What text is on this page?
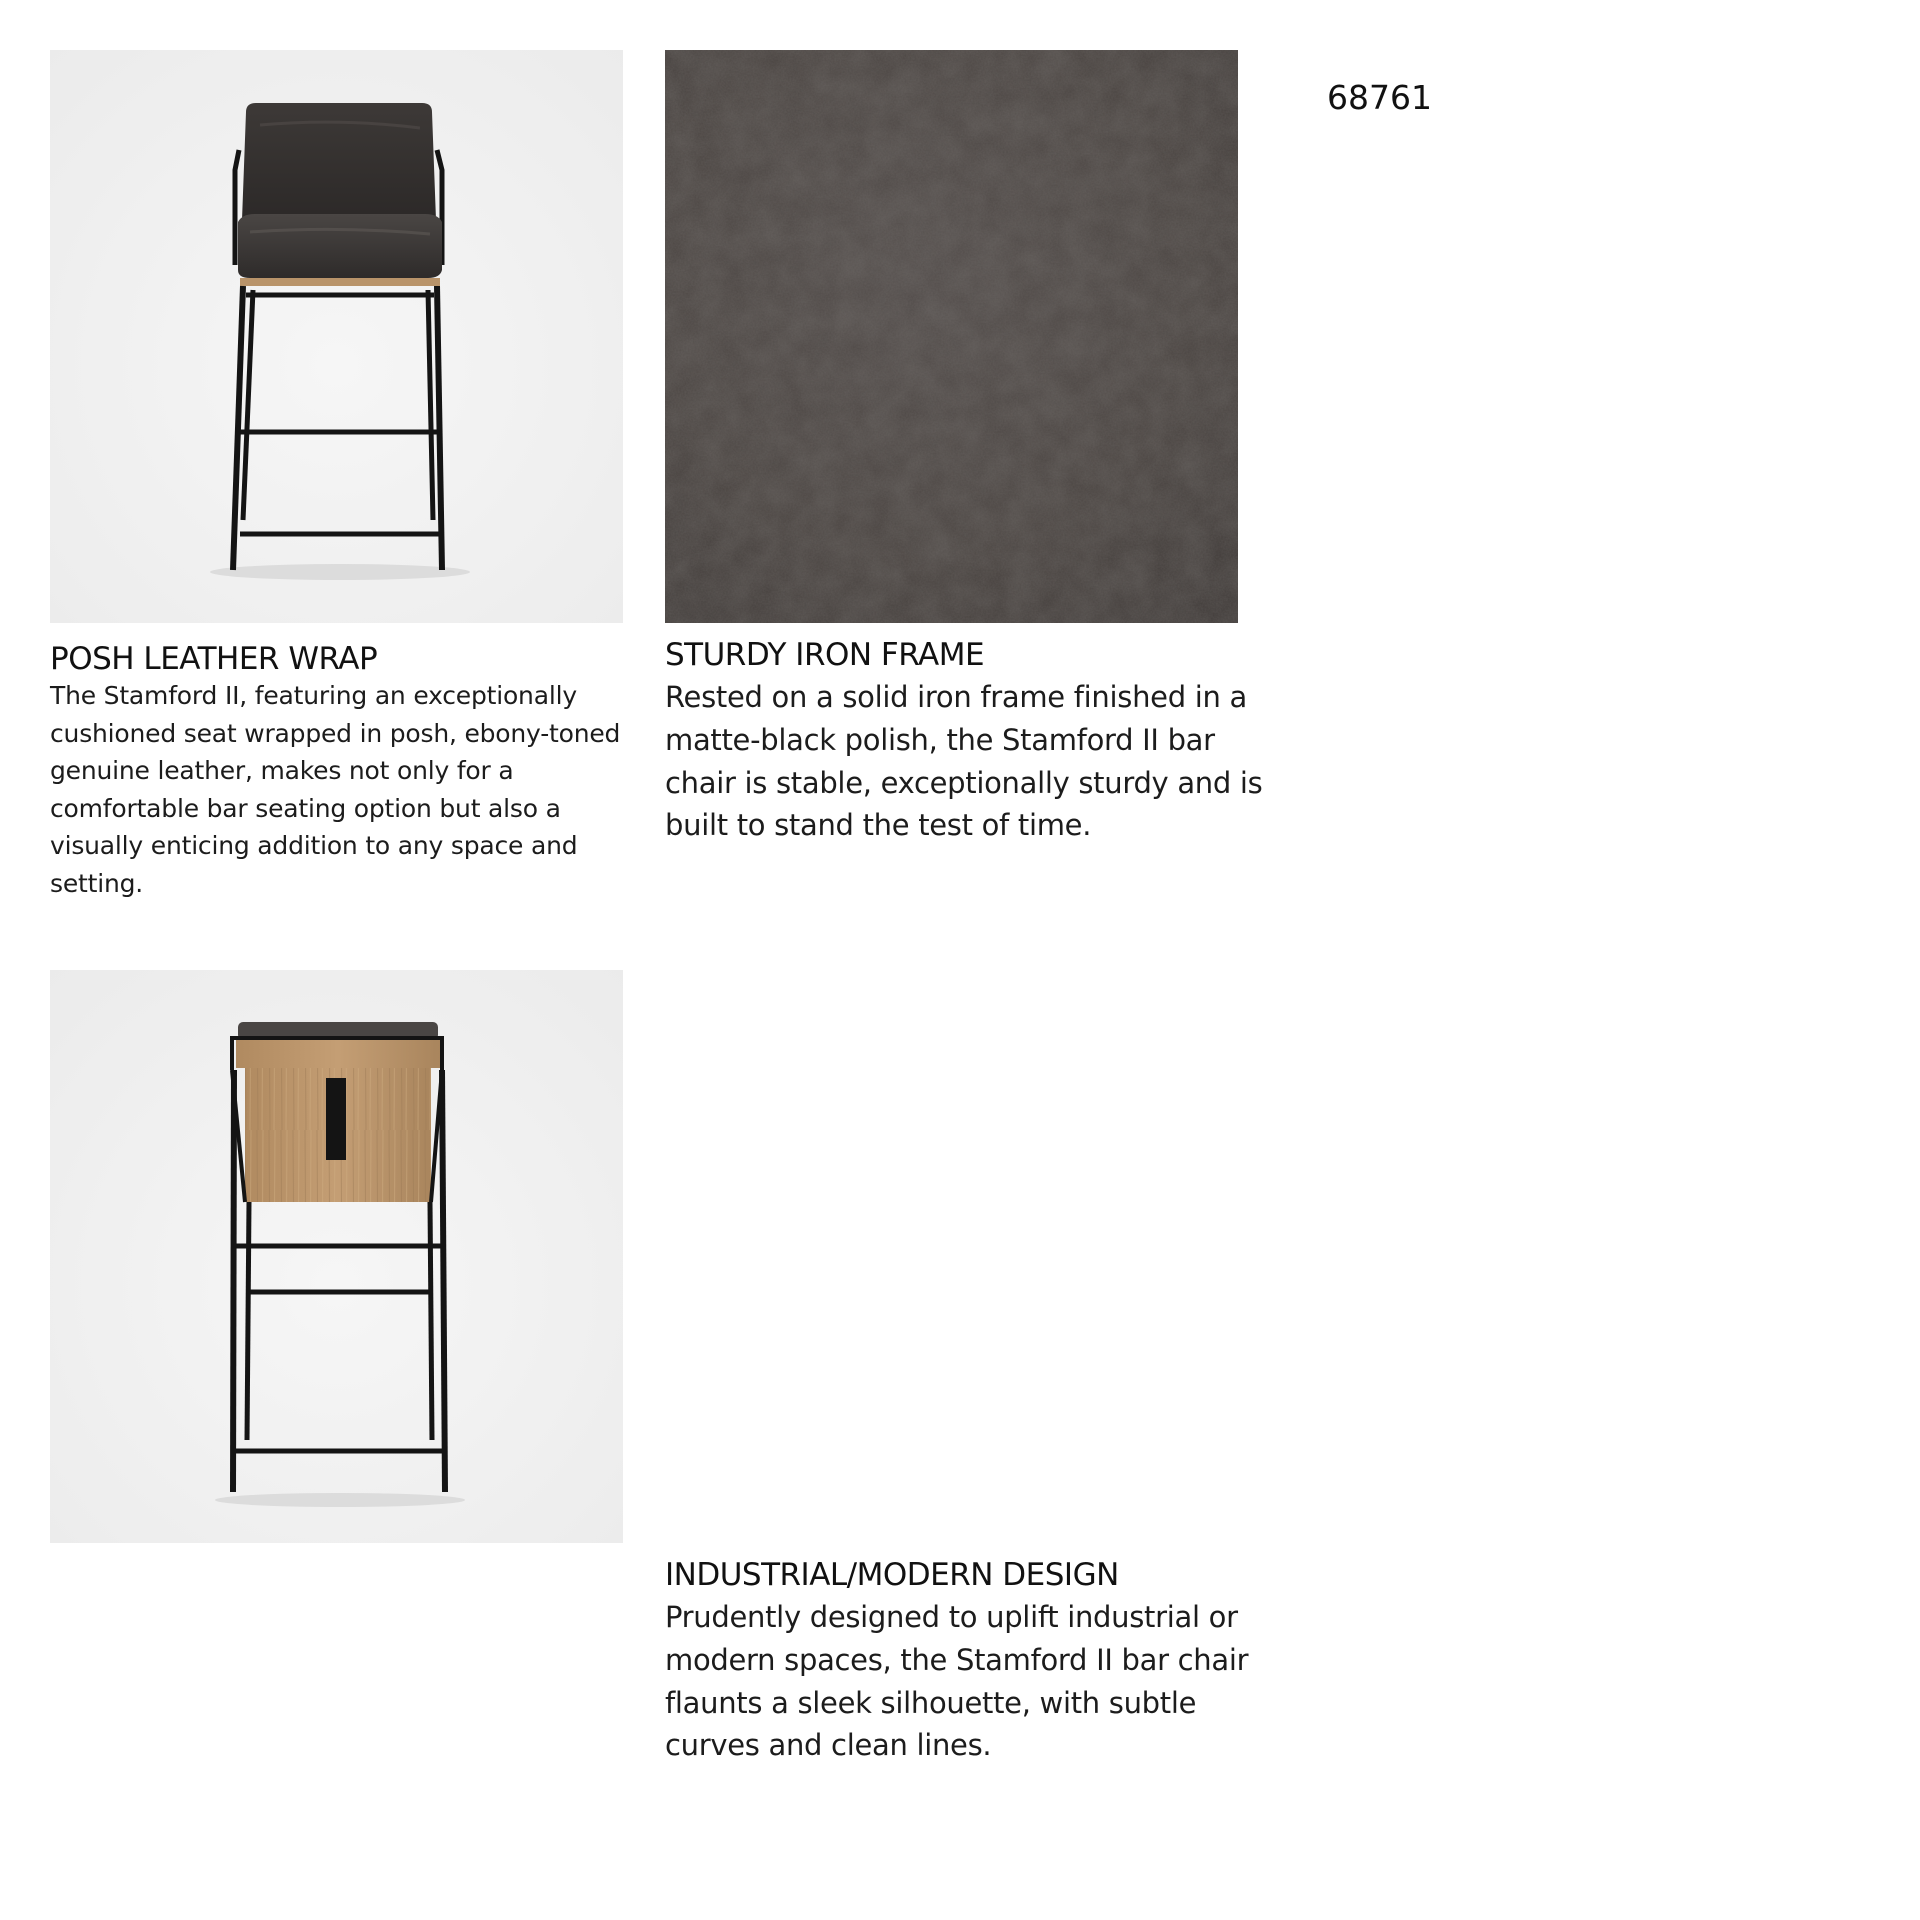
POSH LEATHER WRAP

The Stamford II, featuring an exceptionally cushioned seat wrapped in posh, ebony-toned genuine leather, makes not only for a comfortable bar seating option but also a visually enticing addition to any space and setting.

STURDY IRON FRAME

Rested on a solid iron frame finished in a matte-black polish, the Stamford II bar chair is stable, exceptionally sturdy and is built to stand the test of time.

INDUSTRIAL/MODERN DESIGN

Prudently designed to uplift industrial or modern spaces, the Stamford II bar chair flaunts a sleek silhouette, with subtle curves and clean lines.

68761
